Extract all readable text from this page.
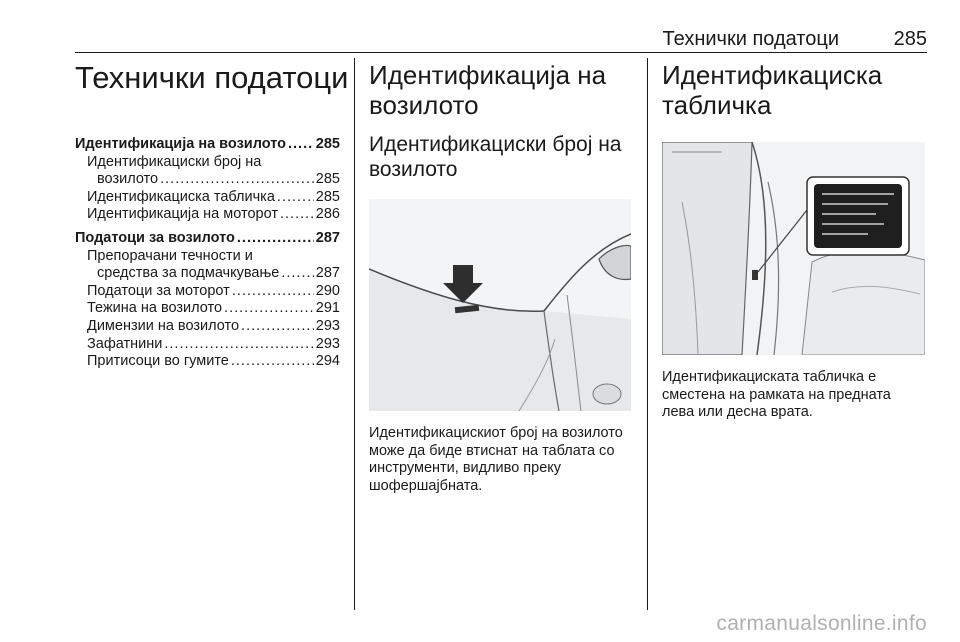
Технички податоци	285
Технички податоци
Идентификација на возилото ..... 285
Идентификациски број на
возилото .....	285
Идентификациска табличка .....	285
Идентификација на моторот .....	286
Податоци за возилото .....	287
Препорачани течности и
средства за подмачкување .....	287
Податоци за моторот .....	290
Тежина на возилото .....	291
Димензии на возилото .....	293
Зафатнини .....	293
Притисоци во гумите .....	294
Идентификација на возилото
Идентификациски број на возилото
Идентификацискиот број на возилото може да биде втиснат на таблата со инструменти, видливо преку шофершајбната.
Идентификациска табличка
Идентификациската табличка е сместена на рамката на предната лева или десна врата.
carmanualsonline.info
